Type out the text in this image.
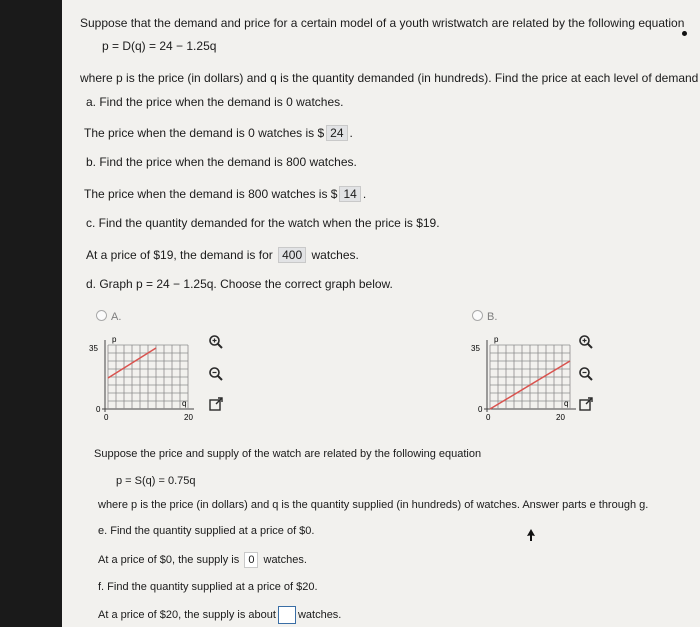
Suppose that the demand and price for a certain model of a youth wristwatch are related by the following equation
p = D(q) = 24 − 1.25q
where p is the price (in dollars) and q is the quantity demanded (in hundreds). Find the price at each level of demand
a. Find the price when the demand is 0 watches.
The price when the demand is 0 watches is $ 24 .
b. Find the price when the demand is 800 watches.
The price when the demand is 800 watches is $ 14 .
c. Find the quantity demanded for the watch when the price is $19.
At a price of $19, the demand is for 400 watches.
d. Graph p = 24 − 1.25q. Choose the correct graph below.
A.
p
35
0
0
q
20
B.
p
35
0
0
q
20
Suppose the price and supply of the watch are related by the following equation
p = S(q) = 0.75q
where p is the price (in dollars) and q is the quantity supplied (in hundreds) of watches. Answer parts e through g.
e. Find the quantity supplied at a price of $0.
At a price of $0, the supply is 0 watches.
f. Find the quantity supplied at a price of $20.
At a price of $20, the supply is about watches.
